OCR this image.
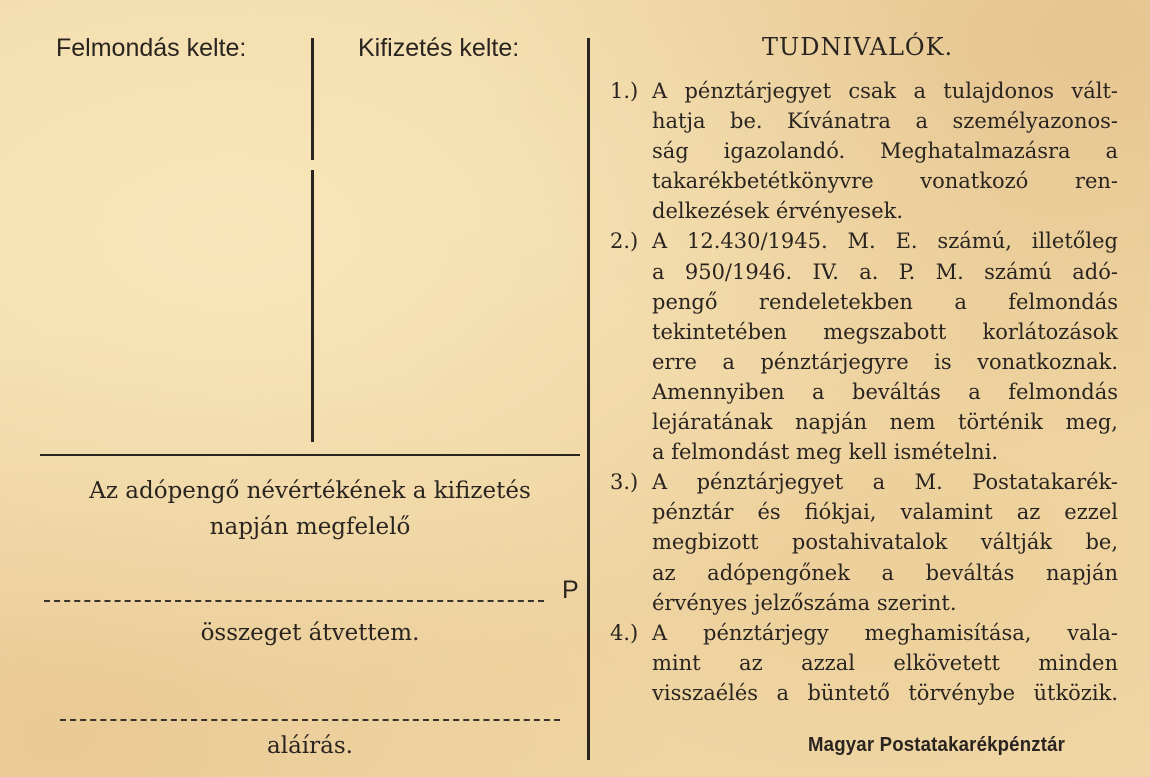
Felmondás kelte:	Kifizetés kelte:
Az adópengő névértékének a kifizetés
napján megfelelő
P
összeget átvettem.
aláírás.
TUDNIVALÓK.
1.) A pénztárjegyet csak a tulajdonos vált-
hatja be. Kívánatra a személyazonos-
ság igazolandó. Meghatalmazásra a
takarékbetétkönyvre vonatkozó ren-
delkezések érvényesek.
2.) A 12.430/1945. M. E. számú, illetőleg
a 950/1946. IV. a. P. M. számú adó-
pengő rendeletekben a felmondás
tekintetében megszabott korlátozások
erre a pénztárjegyre is vonatkoznak.
Amennyiben a beváltás a felmondás
lejáratának napján nem történik meg,
a felmondást meg kell ismételni.
3.) A pénztárjegyet a M. Postatakarék-
pénztár és fiókjai, valamint az ezzel
megbizott postahivatalok váltják be,
az adópengőnek a beváltás napján
érvényes jelzőszáma szerint.
4.) A pénztárjegy meghamisítása, vala-
mint az azzal elkövetett minden
visszaélés a büntető törvénybe ütközik.
Magyar Postatakarékpénztár
